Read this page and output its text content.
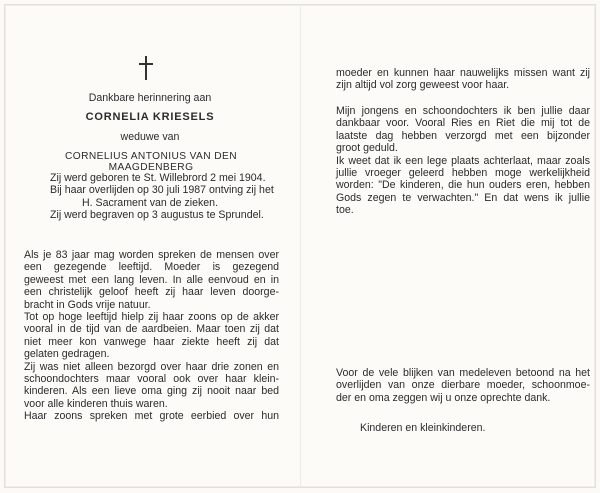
Dankbare herinnering aan
CORNELIA KRIESELS
weduwe van
CORNELIUS ANTONIUS VAN DEN MAAGDENBERG
Zij werd geboren te St. Willebrord 2 mei 1904.
Bij haar overlijden op 30 juli 1987 ontving zij het
H. Sacrament van de zieken.
Zij werd begraven op 3 augustus te Sprundel.
Als je 83 jaar mag worden spreken de mensen over
een gezegende leeftijd. Moeder is gezegend
geweest met een lang leven. In alle eenvoud en in
een christelijk geloof heeft zij haar leven doorge-
bracht in Gods vrije natuur.
Tot op hoge leeftijd hielp zij haar zoons op de akker
vooral in de tijd van de aardbeien. Maar toen zij dat
niet meer kon vanwege haar ziekte heeft zij dat
gelaten gedragen.
Zij was niet alleen bezorgd over haar drie zonen en
schoondochters maar vooral ook over haar klein-
kinderen. Als een lieve oma ging zij nooit naar bed
voor alle kinderen thuis waren.
Haar zoons spreken met grote eerbied over hun
moeder en kunnen haar nauwelijks missen want zij
zijn altijd vol zorg geweest voor haar.
Mijn jongens en schoondochters ik ben jullie daar
dankbaar voor. Vooral Ries en Riet die mij tot de
laatste dag hebben verzorgd met een bijzonder
groot geduld.
Ik weet dat ik een lege plaats achterlaat, maar zoals
jullie vroeger geleerd hebben moge werkelijkheid
worden: "De kinderen, die hun ouders eren, hebben
Gods zegen te verwachten." En dat wens ik jullie
toe.
Voor de vele blijken van medeleven betoond na het
overlijden van onze dierbare moeder, schoonmoe-
der en oma zeggen wij u onze oprechte dank.
Kinderen en kleinkinderen.
